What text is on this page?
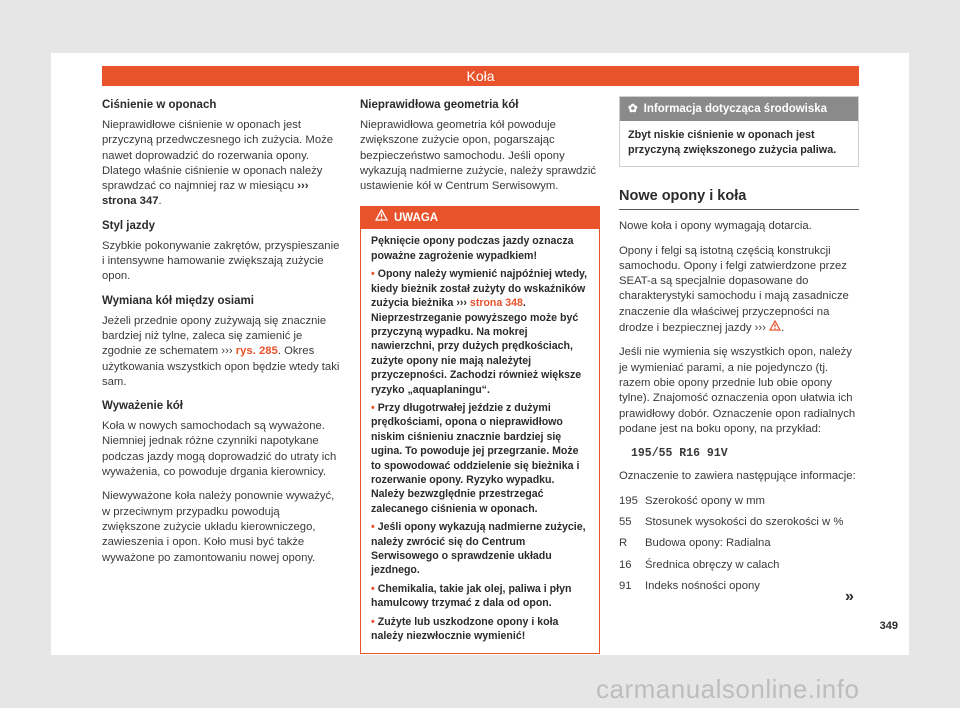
Koła
Ciśnienie w oponach

Nieprawidłowe ciśnienie w oponach jest przyczyną przedwczesnego ich zużycia. Może nawet doprowadzić do rozerwania opony. Dlatego właśnie ciśnienie w oponach należy sprawdzać co najmniej raz w miesiącu ››› strona 347.

Styl jazdy

Szybkie pokonywanie zakrętów, przyspieszanie i intensywne hamowanie zwiększają zużycie opon.

Wymiana kół między osiami

Jeżeli przednie opony zużywają się znacznie bardziej niż tylne, zaleca się zamienić je zgodnie ze schematem ››› rys. 285. Okres użytkowania wszystkich opon będzie wtedy taki sam.

Wyważenie kół

Koła w nowych samochodach są wyważone. Niemniej jednak różne czynniki napotykane podczas jazdy mogą doprowadzić do utraty ich wyważenia, co powoduje drgania kierownicy.

Niewyważone koła należy ponownie wyważyć, w przeciwnym przypadku powodują zwiększone zużycie układu kierowniczego, zawieszenia i opon. Koło musi być także wyważone po zamontowaniu nowej opony.

Nieprawidłowa geometria kół

Nieprawidłowa geometria kół powoduje zwiększone zużycie opon, pogarszając bezpieczeństwo samochodu. Jeśli opony wykazują nadmierne zużycie, należy sprawdzić ustawienie kół w Centrum Serwisowym.

UWAGA

Pęknięcie opony podczas jazdy oznacza poważne zagrożenie wypadkiem!

• Opony należy wymienić najpóźniej wtedy, kiedy bieżnik został zużyty do wskaźników zużycia bieżnika ››› strona 348. Nieprzestrzeganie powyższego może być przyczyną wypadku. Na mokrej nawierzchni, przy dużych prędkościach, zużyte opony nie mają należytej przyczepności. Zachodzi również większe ryzyko „aquaplaningu“.

• Przy długotrwałej jeździe z dużymi prędkościami, opona o nieprawidłowo niskim ciśnieniu znacznie bardziej się ugina. To powoduje jej przegrzanie. Może to spowodować oddzielenie się bieżnika i rozerwanie opony. Ryzyko wypadku. Należy bezwzględnie przestrzegać zalecanego ciśnienia w oponach.

• Jeśli opony wykazują nadmierne zużycie, należy zwrócić się do Centrum Serwisowego o sprawdzenie układu jezdnego.

• Chemikalia, takie jak olej, paliwa i płyn hamulcowy trzymać z dala od opon.

• Zużyte lub uszkodzone opony i koła należy niezwłocznie wymienić!

✿ Informacja dotycząca środowiska
Zbyt niskie ciśnienie w oponach jest przyczyną zwiększonego zużycia paliwa.
Nowe opony i koła

Nowe koła i opony wymagają dotarcia.

Opony i felgi są istotną częścią konstrukcji samochodu. Opony i felgi zatwierdzone przez SEAT-a są specjalnie dopasowane do charakterystyki samochodu i mają zasadnicze znaczenie dla właściwej przyczepności na drodze i bezpiecznej jazdy ››› .

Jeśli nie wymienia się wszystkich opon, należy je wymieniać parami, a nie pojedynczo (tj. razem obie opony przednie lub obie opony tylne). Znajomość oznaczenia opon ułatwia ich prawidłowy dobór. Oznaczenie opon radialnych podane jest na boku opony, na przykład:

195/55 R16 91V

Oznaczenie to zawiera następujące informacje:

195 Szerokość opony w mm
55	Stosunek wysokości do szerokości w %
R	Budowa opony: Radialna
16	Średnica obręczy w calach
91	Indeks nośności opony
»
349
carmanualsonline.info
